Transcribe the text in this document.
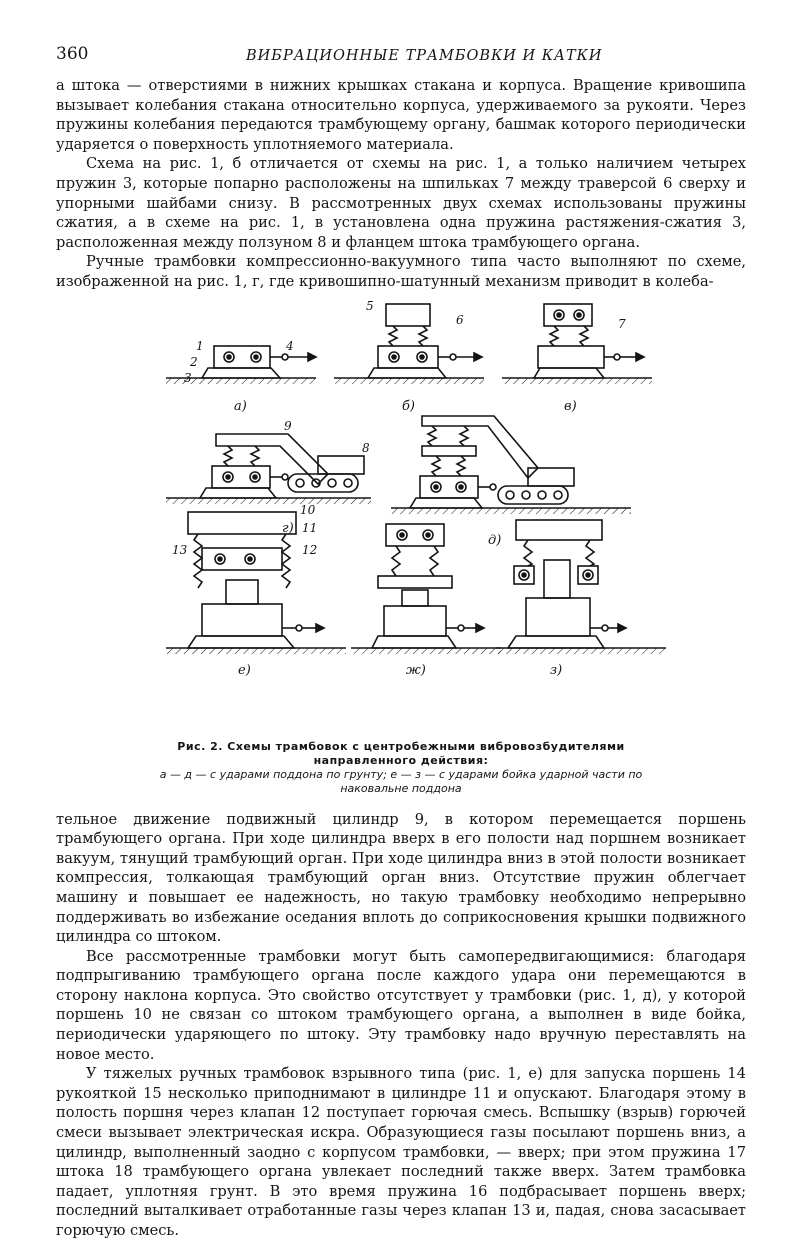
360	ВИБРАЦИОННЫЕ ТРАМБОВКИ И КАТКИ

а штока — отверстиями в нижних крышках стакана и корпуса. Вращение кривошипа вызывает колебания стакана относительно корпуса, удерживаемого за рукояти. Через пружины колебания передаются трамбующему органу, башмак которого периодически ударяется о поверхность уплотняемого материала.

Схема на рис. 1, б отличается от схемы на рис. 1, а только наличием четырех пружин 3, которые попарно расположены на шпильках 7 между траверсой 6 сверху и упорными шайбами снизу. В рассмотренных двух схемах использованы пружины сжатия, а в схеме на рис. 1, в установлена одна пружина растяжения-сжатия 3, расположенная между ползуном 8 и фланцем штока трамбующего органа.

Ручные трамбовки компрессионно-вакуумного типа часто выполняют по схеме, изображенной на рис. 1, г, где кривошипно-шатунный механизм приводит в колеба-

а)	б)	в)
г)
д)
е)	ж)	з)
1
2
3
4
5
6	7
8
9
10
11
12
13
Рис. 2. Схемы трамбовок с центробежными вибровозбудителями направленного действия:
а — д — с ударами поддона по грунту; е — з — с ударами бойка ударной части по наковальне поддона

тельное движение подвижный цилиндр 9, в котором перемещается поршень трамбующего органа. При ходе цилиндра вверх в его полости над поршнем возникает вакуум, тянущий трамбующий орган. При ходе цилиндра вниз в этой полости возникает компрессия, толкающая трамбующий орган вниз. Отсутствие пружин облегчает машину и повышает ее надежность, но такую трамбовку необходимо непрерывно поддерживать во избежание оседания вплоть до соприкосновения крышки подвижного цилиндра со штоком.

Все рассмотренные трамбовки могут быть самопередвигающимися: благодаря подпрыгиванию трамбующего органа после каждого удара они перемещаются в сторону наклона корпуса. Это свойство отсутствует у трамбовки (рис. 1, д), у которой поршень 10 не связан со штоком трамбующего органа, а выполнен в виде бойка, периодически ударяющего по штоку. Эту трамбовку надо вручную переставлять на новое место.

У тяжелых ручных трамбовок взрывного типа (рис. 1, е) для запуска поршень 14 рукояткой 15 несколько приподнимают в цилиндре 11 и опускают. Благодаря этому в полость поршня через клапан 12 поступает горючая смесь. Вспышку (взрыв) горючей смеси вызывает электрическая искра. Образующиеся газы посылают поршень вниз, а цилиндр, выполненный заодно с корпусом трамбовки, — вверх; при этом пружина 17 штока 18 трамбующего органа увлекает последний также вверх. Затем трамбовка падает, уплотняя грунт. В это время пружина 16 подбрасывает поршень вверх; последний выталкивает отработанные газы через клапан 13 и, падая, снова засасывает горючую смесь.
